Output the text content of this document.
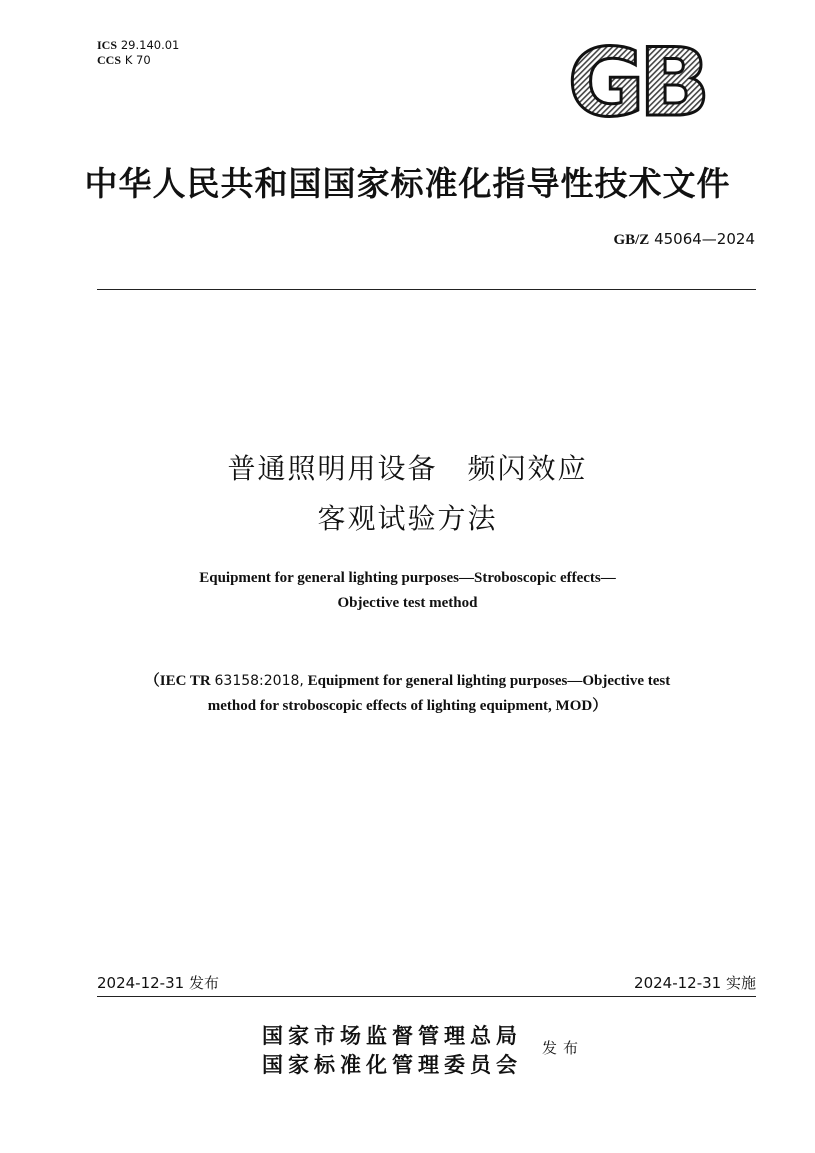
ICS 29.140.01
CCS K 70	GB
中华人民共和国国家标准化指导性技术文件
GB/Z 45064—2024
普通照明用设备　频闪效应
客观试验方法
Equipment for general lighting purposes—Stroboscopic effects—
Objective test method
（IEC TR 63158:2018, Equipment for general lighting purposes—Objective test
method for stroboscopic effects of lighting equipment, MOD）
2024-12-31 发布	2024-12-31 实施
国家市场监督管理总局
国家标准化管理委员会
发布
